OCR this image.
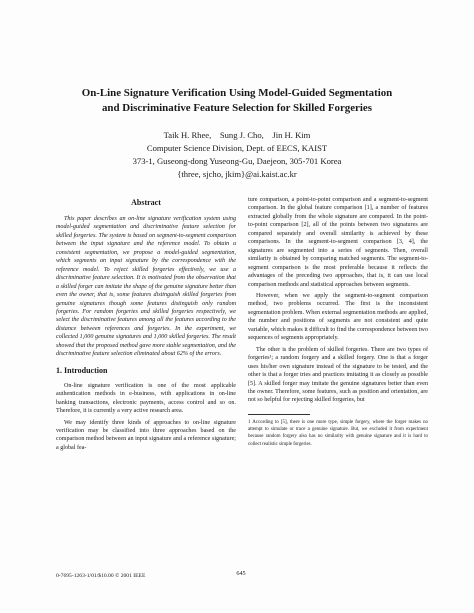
On-Line Signature Verification Using Model-Guided Segmentation
and Discriminative Feature Selection for Skilled Forgeries
Taik H. Rhee,    Sung J. Cho,    Jin H. Kim
Computer Science Division, Dept. of EECS, KAIST
373-1, Guseong-dong Yuseong-Gu, Daejeon, 305-701 Korea
{three, sjcho, jkim}@ai.kaist.ac.kr
Abstract

This paper describes an on-line signature verification system using model-guided segmentation and discriminative feature selection for skilled forgeries. The system is based on segment-to-segment comparison between the input signature and the reference model. To obtain a consistent segmentation, we propose a model-guided segmentation, which segments an input signature by the correspondence with the reference model. To reject skilled forgeries effectively, we use a discriminative feature selection. It is motivated from the observation that a skilled forger can imitate the shape of the genuine signature better than even the owner, that is, some features distinguish skilled forgeries from genuine signatures though some features distinguish only random forgeries. For random forgeries and skilled forgeries respectively, we select the discriminative features among all the features according to the distance between references and forgeries. In the experiment, we collected 1,000 genuine signatures and 1,000 skilled forgeries. The result showed that the proposed method gave more stable segmentation, and the discriminative feature selection eliminated about 62% of the errors.

1. Introduction

On-line signature verification is one of the most applicable authentication methods in e-business, with applications in on-line banking transactions, electronic payments, access control and so on. Therefore, it is currently a very active research area.

We may identify three kinds of approaches to on-line signature verification may be classified into three approaches based on the comparison method between an input signature and a reference signature; a global fea-

ture comparison, a point-to-point comparison and a segment-to-segment comparison. In the global feature comparison [1], a number of features extracted globally from the whole signature are compared. In the point-to-point comparison [2], all of the points between two signatures are compared separately and overall similarity is achieved by these comparisons. In the segment-to-segment comparison [3, 4], the signatures are segmented into a series of segments. Then, overall similarity is obtained by comparing matched segments. The segment-to-segment comparison is the most preferable because it reflects the advantages of the preceding two approaches, that is, it can use local comparison methods and statistical approaches between segments.

However, when we apply the segment-to-segment comparison method, two problems occurred. The first is the inconsistent segmentation problem. When external segmentation methods are applied, the number and positions of segments are not consistent and quite variable, which makes it difficult to find the correspondence between two sequences of segments appropriately.

The other is the problem of skilled forgeries. There are two types of forgeries¹; a random forgery and a skilled forgery. One is that a forger uses his/her own signature instead of the signature to be tested, and the other is that a forger tries and practices imitating it as closely as possible [5]. A skilled forger may imitate the genuine signatures better than even the owner. Therefore, some features, such as position and orientation, are not so helpful for rejecting skilled forgeries, but

1 According to [5], there is one more type, simple forgery, where the forger makes no attempt to simulate or trace a genuine signature. But, we excluded it from experiment because random forgery also has no similarity with genuine signature and it is hard to collect realistic simple forgeries.

0-7695-1263-1/01/$10.00 © 2001 IEEE	645
